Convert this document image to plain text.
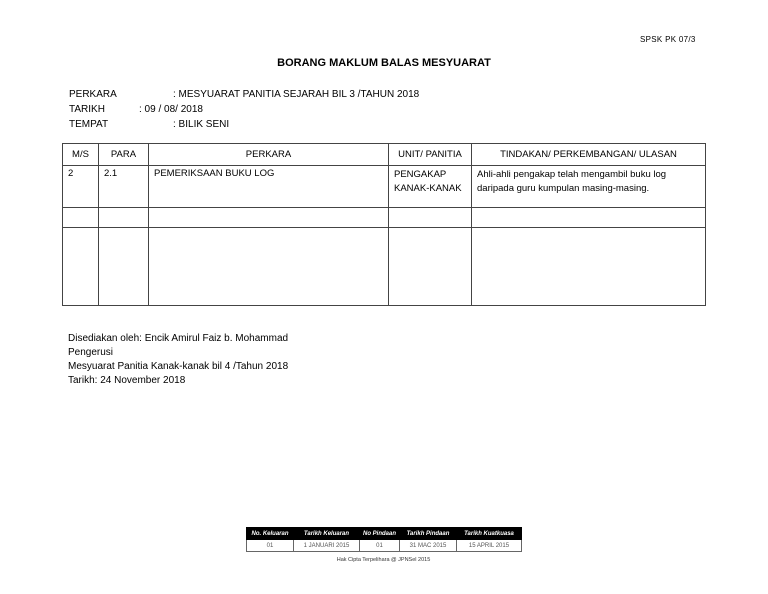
SPSK PK 07/3
BORANG MAKLUM BALAS MESYUARAT
PERKARA	: MESYUARAT PANITIA SEJARAH BIL 3 /TAHUN 2018
TARIKH	: 09 / 08/ 2018
TEMPAT	: BILIK SENI
M/S	PARA	PERKARA	UNIT/ PANITIA	TINDAKAN/ PERKEMBANGAN/ ULASAN
2	2.1	PEMERIKSAAN BUKU LOG	PENGAKAP KANAK-KANAK	Ahli-ahli pengakap telah mengambil buku log daripada guru kumpulan masing-masing.

Disediakan oleh: Encik Amirul Faiz b. Mohammad
Pengerusi
Mesyuarat Panitia Kanak-kanak bil 4 /Tahun 2018
Tarikh: 24 November 2018
No. Keluaran	Tarikh Keluaran	No Pindaan	Tarikh Pindaan	Tarikh Kuatkuasa
01	1 JANUARI 2015	01	31 MAC 2015	15 APRIL 2015
Hak Cipta Terpelihara @ JPNSel 2015
